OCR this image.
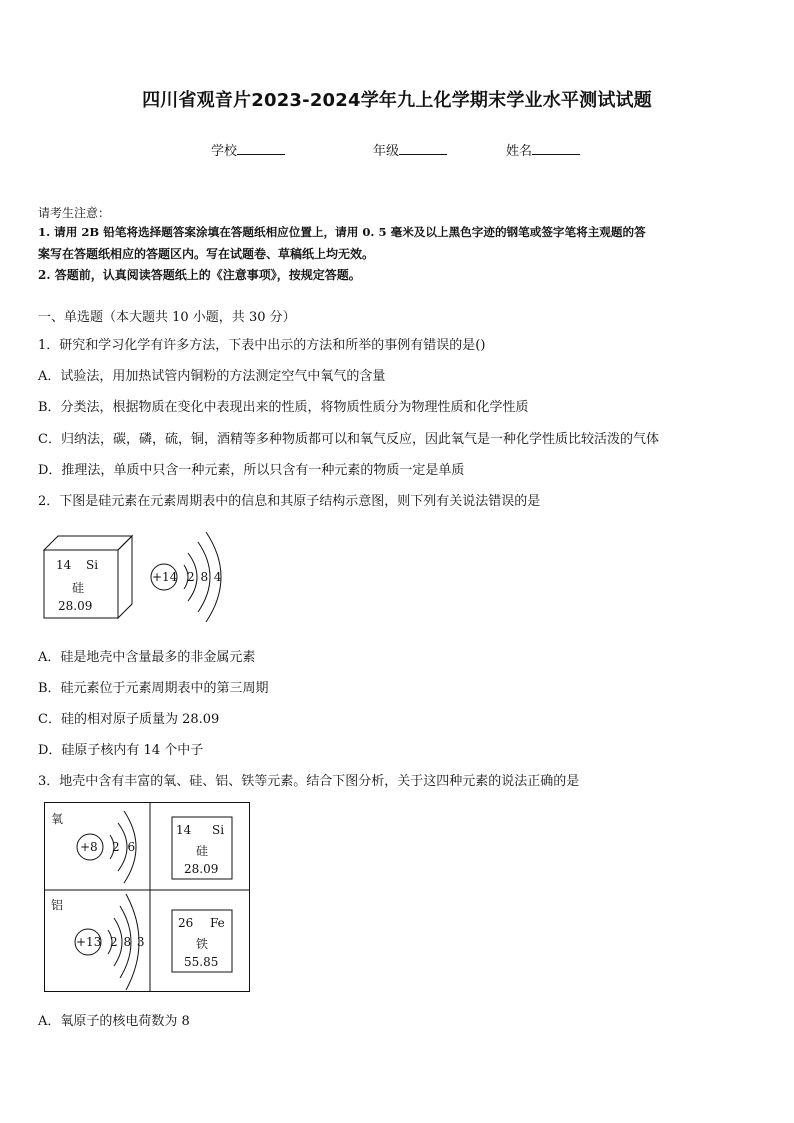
四川省观音片2023-2024学年九上化学期末学业水平测试试题
学校	年级	姓名
请考生注意：
1. 请用 2B 铅笔将选择题答案涂填在答题纸相应位置上，请用 0. 5 毫米及以上黑色字迹的钢笔或签字笔将主观题的答
案写在答题纸相应的答题区内。写在试题卷、草稿纸上均无效。
2. 答题前，认真阅读答题纸上的《注意事项》，按规定答题。
一、单选题（本大题共 10 小题，共 30 分）
1．研究和学习化学有许多方法，下表中出示的方法和所举的事例有错误的是()
A．试验法，用加热试管内铜粉的方法测定空气中氧气的含量
B．分类法，根据物质在变化中表现出来的性质，将物质性质分为物理性质和化学性质
C．归纳法，碳，磷，硫，铜，酒精等多种物质都可以和氧气反应，因此氧气是一种化学性质比较活泼的气体
D．推理法，单质中只含一种元素，所以只含有一种元素的物质一定是单质
2．下图是硅元素在元素周期表中的信息和其原子结构示意图，则下列有关说法错误的是
14 Si
硅
28.09
+14 2 8 4
A．硅是地壳中含量最多的非金属元素
B．硅元素位于元素周期表中的第三周期
C．硅的相对原子质量为 28.09
D．硅原子核内有 14 个中子
3．地壳中含有丰富的氧、硅、铝、铁等元素。结合下图分析，关于这四种元素的说法正确的是
氧
+8 2 6
14 Si
硅
28.09
铝
+13 2 8 3
26 Fe
铁
55.85
A．氧原子的核电荷数为 8
